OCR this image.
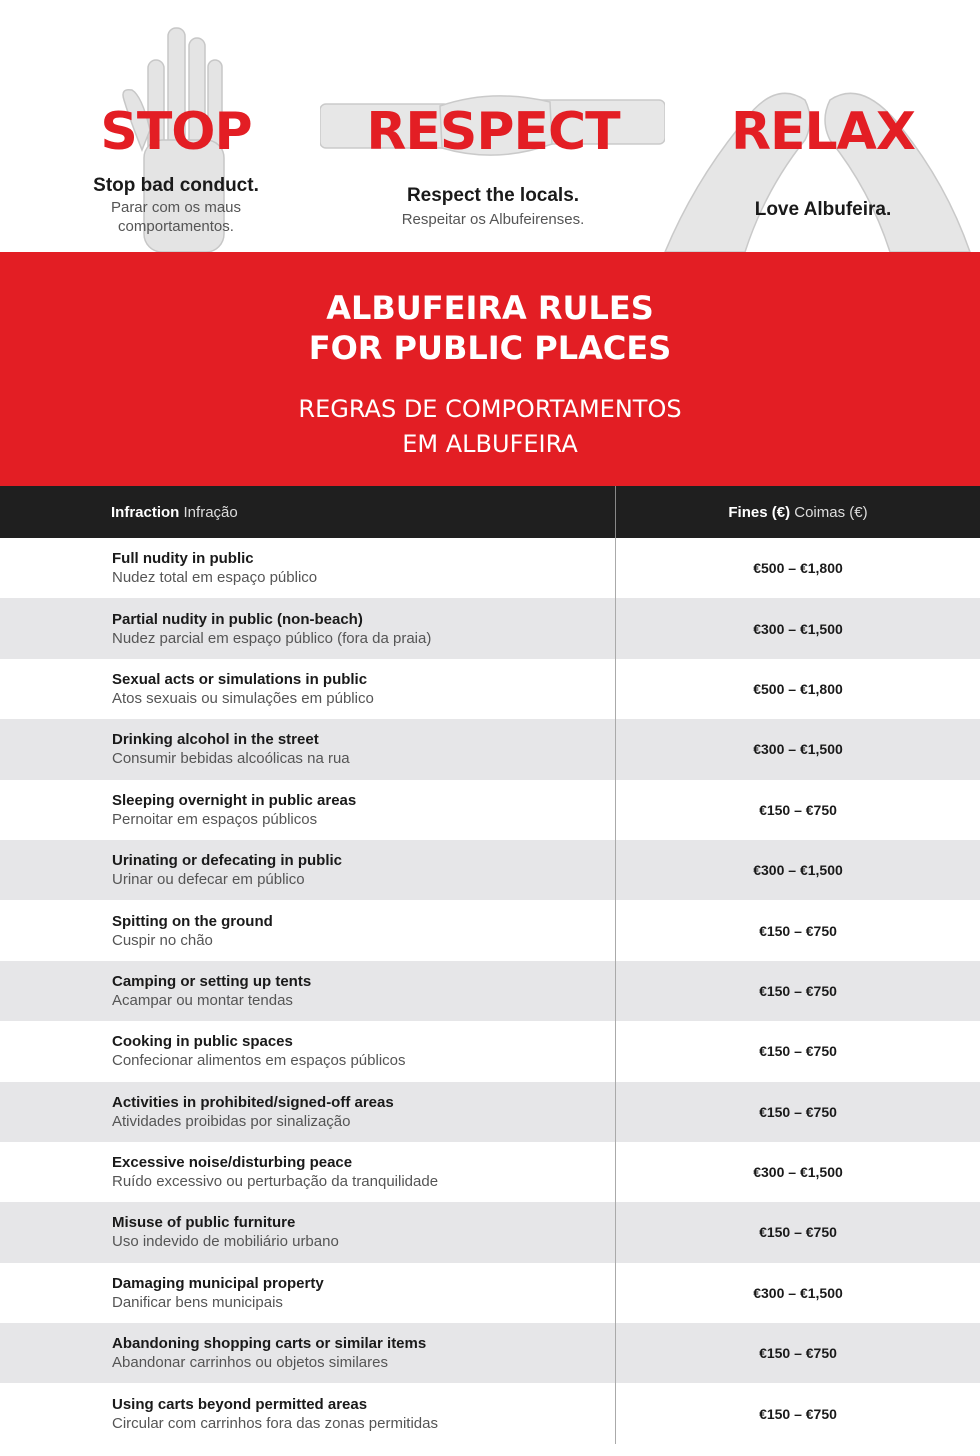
STOP
Stop bad conduct.
Parar com os maus comportamentos.
RESPECT
Respect the locals.
Respeitar os Albufeirenses.
RELAX
Love Albufeira.
ALBUFEIRA RULES
FOR PUBLIC PLACES
REGRAS DE COMPORTAMENTOS
EM ALBUFEIRA
Infraction
Infração	Fines (€) Coimas (€)
Full nudity in public
Nudez total em espaço público
€500 – €1,800
Partial nudity in public (non-beach)
Nudez parcial em espaço público (fora da praia)
€300 – €1,500
Sexual acts or simulations in public
Atos sexuais ou simulações em público
€500 – €1,800
Drinking alcohol in the street
Consumir bebidas alcoólicas na rua
€300 – €1,500
Sleeping overnight in public areas
Pernoitar em espaços públicos
€150 – €750
Urinating or defecating in public
Urinar ou defecar em público
€300 – €1,500
Spitting on the ground
Cuspir no chão
€150 – €750
Camping or setting up tents
Acampar ou montar tendas
€150 – €750
Cooking in public spaces
Confecionar alimentos em espaços públicos
€150 – €750
Activities in prohibited/signed-off areas
Atividades proibidas por sinalização
€150 – €750
Excessive noise/disturbing peace
Ruído excessivo ou perturbação da tranquilidade
€300 – €1,500
Misuse of public furniture
Uso indevido de mobiliário urbano
€150 – €750
Damaging municipal property
Danificar bens municipais
€300 – €1,500
Abandoning shopping carts or similar items
Abandonar carrinhos ou objetos similares
€150 – €750
Using carts beyond permitted areas
Circular com carrinhos fora das zonas permitidas
€150 – €750
